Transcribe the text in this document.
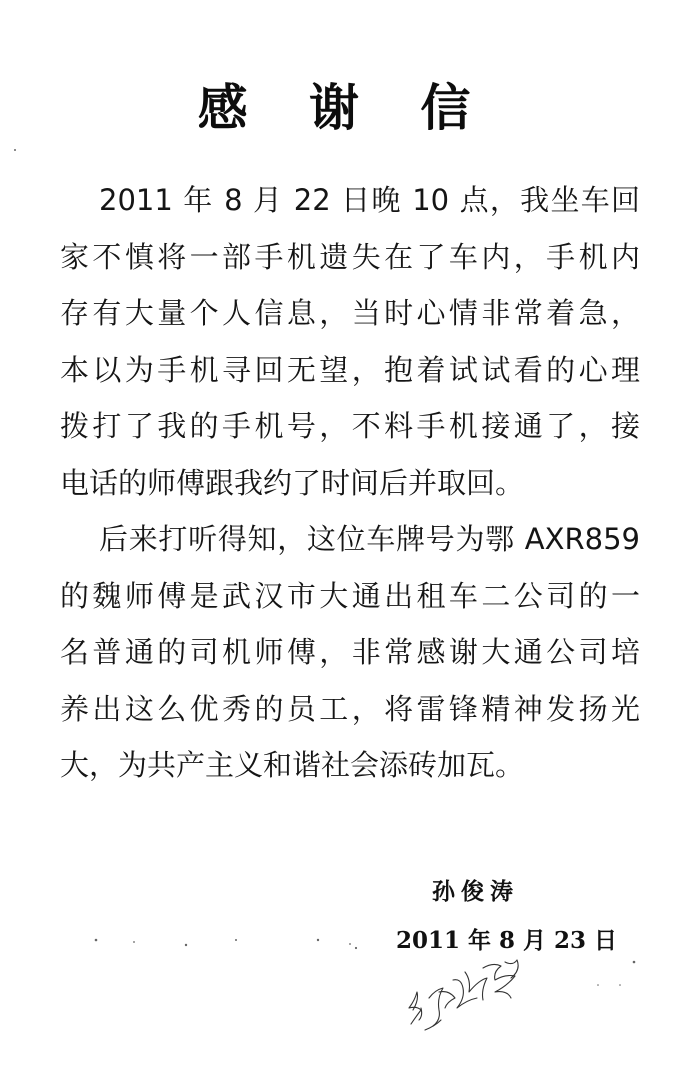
感 谢 信

2011 年 8 月 22 日晚 10 点，我坐车回
家不慎将一部手机遗失在了车内，手机内
存有大量个人信息，当时心情非常着急，
本以为手机寻回无望，抱着试试看的心理
拨打了我的手机号，不料手机接通了，接
电话的师傅跟我约了时间后并取回。

后来打听得知，这位车牌号为鄂 AXR859
的魏师傅是武汉市大通出租车二公司的一
名普通的司机师傅，非常感谢大通公司培
养出这么优秀的员工，将雷锋精神发扬光
大，为共产主义和谐社会添砖加瓦。

孙俊涛
2011 年 8 月 23 日
